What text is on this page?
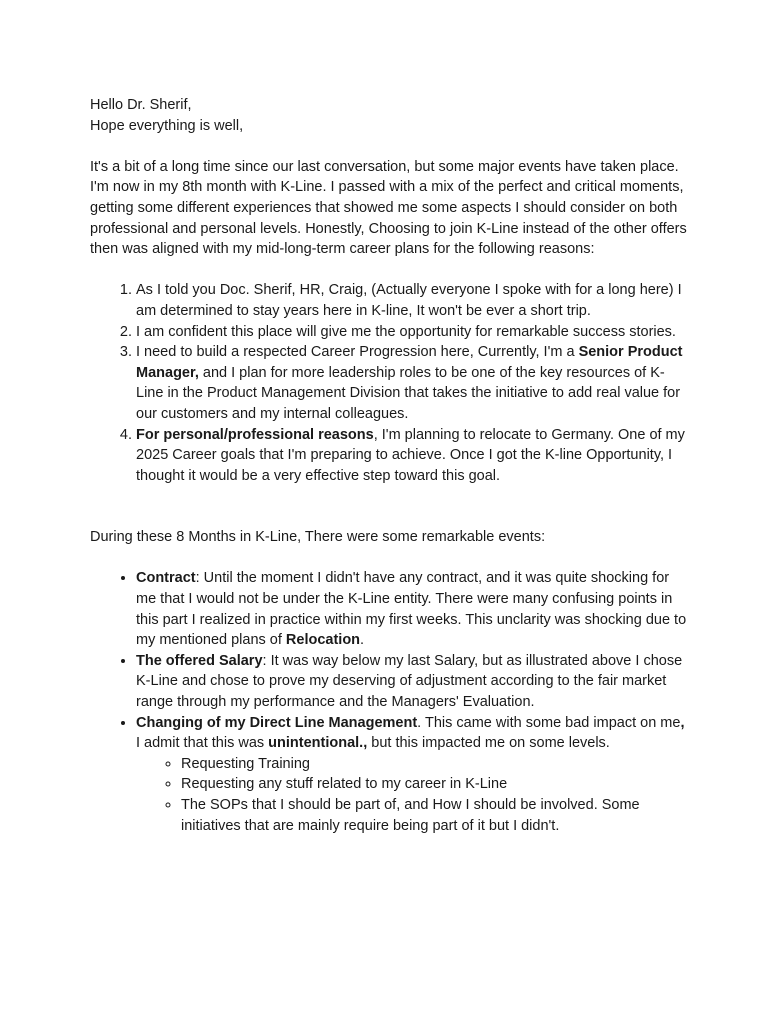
Hello Dr. Sherif,

Hope everything is well,

It's a bit of a long time since our last conversation, but some major events have taken place.

I'm now in my 8th month with K-Line. I passed with a mix of the perfect and critical moments, getting some different experiences that showed me some aspects I should consider on both professional and personal levels. Honestly, Choosing to join K-Line instead of the other offers then was aligned with my mid-long-term career plans for the following reasons:

1. As I told you Doc. Sherif, HR, Craig, (Actually everyone I spoke with for a long here) I am determined to stay years here in K-line, It won't be ever a short trip.
2. I am confident this place will give me the opportunity for remarkable success stories.
3. I need to build a respected Career Progression here, Currently, I'm a Senior Product Manager, and I plan for more leadership roles to be one of the key resources of K-Line in the Product Management Division that takes the initiative to add real value for our customers and my internal colleagues.
4. For personal/professional reasons, I'm planning to relocate to Germany. One of my 2025 Career goals that I'm preparing to achieve. Once I got the K-line Opportunity, I thought it would be a very effective step toward this goal.

During these 8 Months in K-Line, There were some remarkable events:

• Contract: Until the moment I didn't have any contract, and it was quite shocking for me that I would not be under the K-Line entity. There were many confusing points in this part I realized in practice within my first weeks. This unclarity was shocking due to my mentioned plans of Relocation.
• The offered Salary: It was way below my last Salary, but as illustrated above I chose K-Line and chose to prove my deserving of adjustment according to the fair market range through my performance and the Managers' Evaluation.
• Changing of my Direct Line Management. This came with some bad impact on me, I admit that this was unintentional., but this impacted me on some levels.
◦ Requesting Training
◦ Requesting any stuff related to my career in K-Line
◦ The SOPs that I should be part of, and How I should be involved. Some initiatives that are mainly require being part of it but I didn't.
